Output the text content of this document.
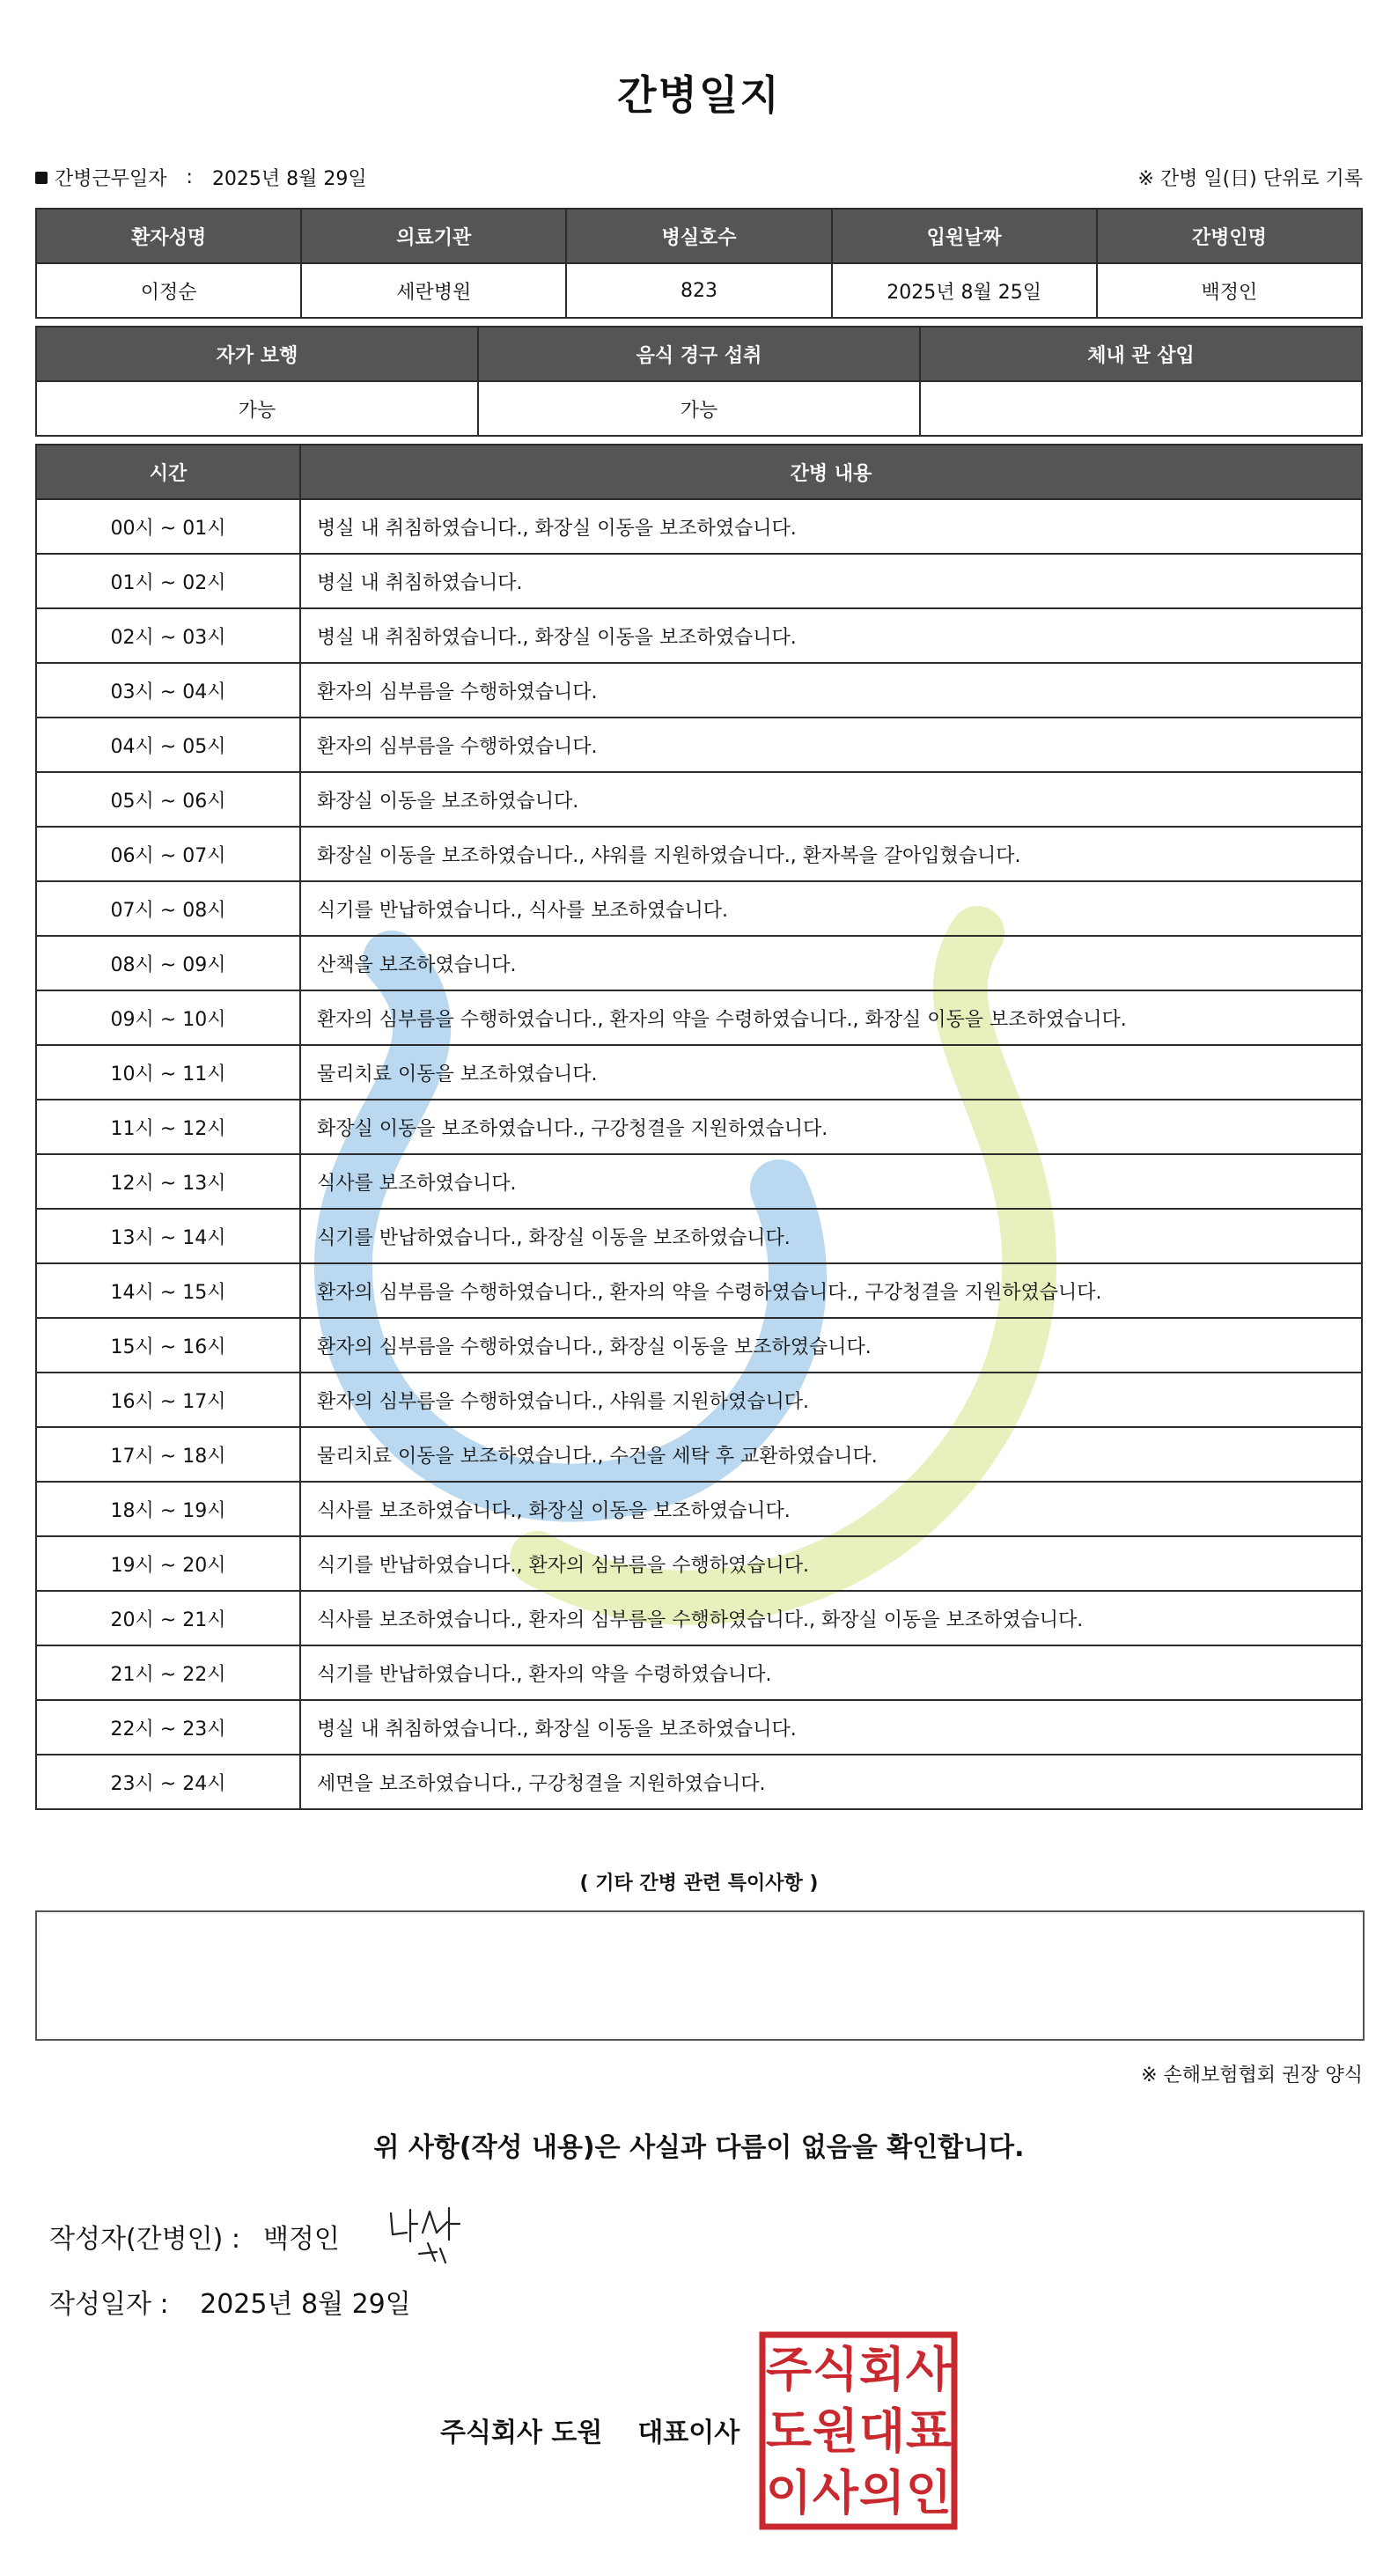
간병일지
간병근무일자 : 2025년 8월 29일	※ 간병 일(日) 단위로 기록
환자성명	의료기관	병실호수	입원날짜	간병인명
이정순	세란병원	823	2025년 8월 25일	백정인
자가 보행	음식 경구 섭취	체내 관 삽입
가능	가능	
시간	간병 내용
00시 ~ 01시	병실 내 취침하였습니다., 화장실 이동을 보조하였습니다.
01시 ~ 02시	병실 내 취침하였습니다.
02시 ~ 03시	병실 내 취침하였습니다., 화장실 이동을 보조하였습니다.
03시 ~ 04시	환자의 심부름을 수행하였습니다.
04시 ~ 05시	환자의 심부름을 수행하였습니다.
05시 ~ 06시	화장실 이동을 보조하였습니다.
06시 ~ 07시	화장실 이동을 보조하였습니다., 샤워를 지원하였습니다., 환자복을 갈아입혔습니다.
07시 ~ 08시	식기를 반납하였습니다., 식사를 보조하였습니다.
08시 ~ 09시	산책을 보조하였습니다.
09시 ~ 10시	환자의 심부름을 수행하였습니다., 환자의 약을 수령하였습니다., 화장실 이동을 보조하였습니다.
10시 ~ 11시	물리치료 이동을 보조하였습니다.
11시 ~ 12시	화장실 이동을 보조하였습니다., 구강청결을 지원하였습니다.
12시 ~ 13시	식사를 보조하였습니다.
13시 ~ 14시	식기를 반납하였습니다., 화장실 이동을 보조하였습니다.
14시 ~ 15시	환자의 심부름을 수행하였습니다., 환자의 약을 수령하였습니다., 구강청결을 지원하였습니다.
15시 ~ 16시	환자의 심부름을 수행하였습니다., 화장실 이동을 보조하였습니다.
16시 ~ 17시	환자의 심부름을 수행하였습니다., 샤워를 지원하였습니다.
17시 ~ 18시	물리치료 이동을 보조하였습니다., 수건을 세탁 후 교환하였습니다.
18시 ~ 19시	식사를 보조하였습니다., 화장실 이동을 보조하였습니다.
19시 ~ 20시	식기를 반납하였습니다., 환자의 심부름을 수행하였습니다.
20시 ~ 21시	식사를 보조하였습니다., 환자의 심부름을 수행하였습니다., 화장실 이동을 보조하였습니다.
21시 ~ 22시	식기를 반납하였습니다., 환자의 약을 수령하였습니다.
22시 ~ 23시	병실 내 취침하였습니다., 화장실 이동을 보조하였습니다.
23시 ~ 24시	세면을 보조하였습니다., 구강청결을 지원하였습니다.
( 기타 간병 관련 특이사항 )
※ 손해보험협회 권장 양식
위 사항(작성 내용)은 사실과 다름이 없음을 확인합니다.
작성자(간병인) : 백정인
작성일자 : 2025년 8월 29일
주식회사 도원 대표이사
주 식 회 사
도 원 대 표
이 사 의 인
